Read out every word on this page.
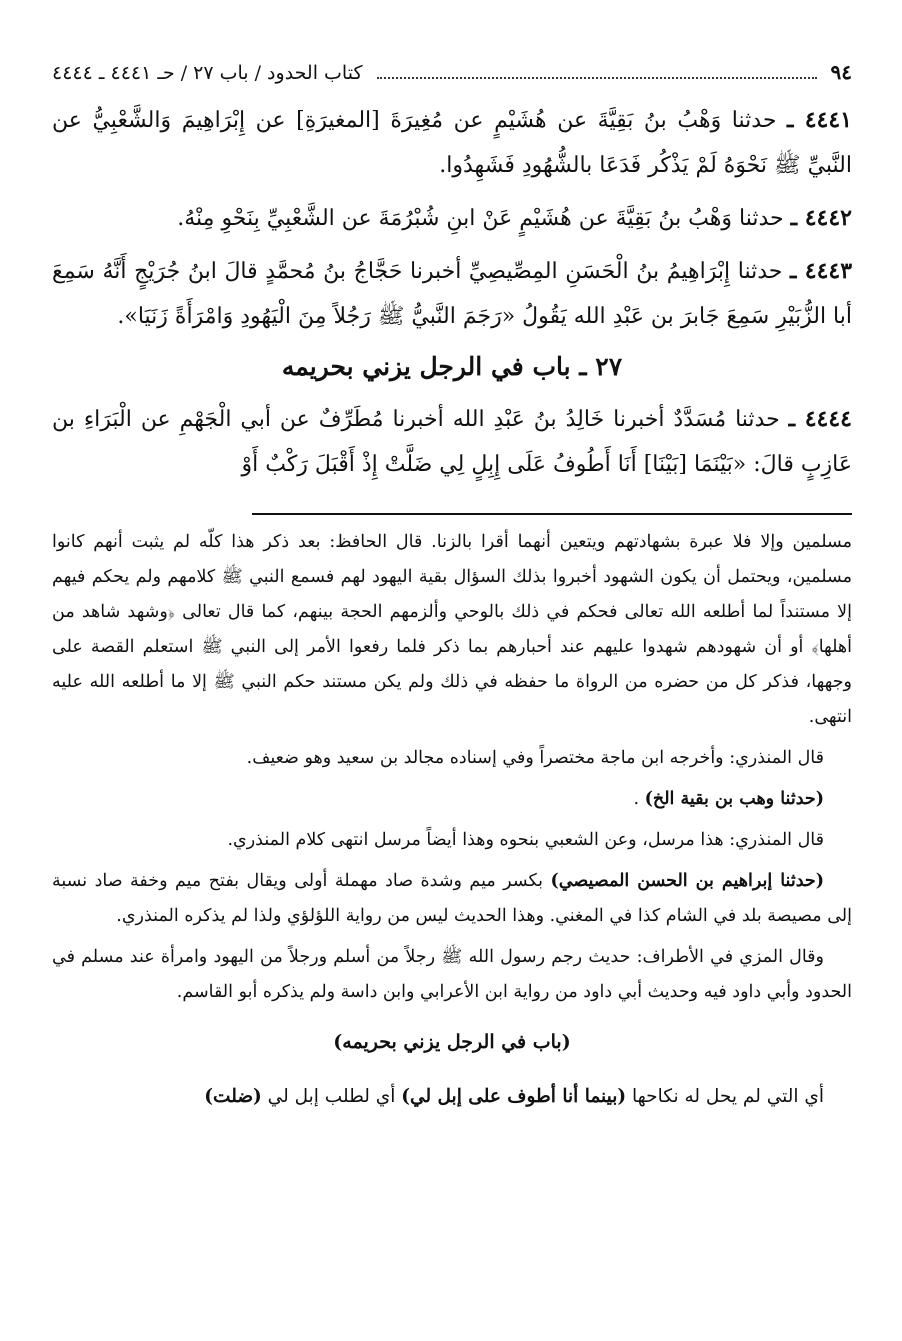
٩٤
كتاب الحدود / باب ٢٧ / حـ ٤٤٤١ ـ ٤٤٤٤

٤٤٤١ ـ حدثنا وَهْبُ بنُ بَقِيَّةَ عن هُشَيْمٍ عن مُغِيرَةَ [المغيرَةِ] عن إِبْرَاهِيمَ وَالشَّعْبِيُّ عن النَّبيِّ ﷺ نَحْوَهُ لَمْ يَذْكُر فَدَعَا بالشُّهُودِ فَشَهِدُوا.

٤٤٤٢ ـ حدثنا وَهْبُ بنُ بَقِيَّةَ عن هُشَيْمٍ عَنْ ابنِ شُبْرُمَةَ عن الشَّعْبِيِّ بِنَحْوِ مِنْهُ.

٤٤٤٣ ـ حدثنا إِبْرَاهِيمُ بنُ الْحَسَنِ المِصِّيصِيِّ أخبرنا حَجَّاجُ بنُ مُحمَّدٍ قالَ ابنُ جُرَيْجٍ أَنَّهُ سَمِعَ أبا الزُّبَيْرِ سَمِعَ جَابرَ بن عَبْدِ الله يَقُولُ «رَجَمَ النَّبيُّ ﷺ رَجُلاً مِنَ الْيَهُودِ وَامْرَأَةً زَنَيَا».

٢٧ ـ باب في الرجل يزني بحريمه

٤٤٤٤ ـ حدثنا مُسَدَّدٌ أخبرنا خَالِدُ بنُ عَبْدِ الله أخبرنا مُطَرِّفٌ عن أبي الْجَهْمِ عن الْبَرَاءِ بن عَازِبٍ قالَ: «بَيْنَمَا [بَيْنَا] أَنَا أَطُوفُ عَلَى إِبِلٍ لِي ضَلَّتْ إِذْ أَقْبَلَ رَكْبٌ أَوْ

مسلمين وإلا فلا عبرة بشهادتهم ويتعين أنهما أقرا بالزنا. قال الحافظ: بعد ذكر هذا كلّه لم يثبت أنهم كانوا مسلمين، ويحتمل أن يكون الشهود أخبروا بذلك السؤال بقية اليهود لهم فسمع النبي ﷺ كلامهم ولم يحكم فيهم إلا مستنداً لما أطلعه الله تعالى فحكم في ذلك بالوحي وألزمهم الحجة بينهم، كما قال تعالى ﴿وشهد شاهد من أهلها﴾ أو أن شهودهم شهدوا عليهم عند أحبارهم بما ذكر فلما رفعوا الأمر إلى النبي ﷺ استعلم القصة على وجهها، فذكر كل من حضره من الرواة ما حفظه في ذلك ولم يكن مستند حكم النبي ﷺ إلا ما أطلعه الله عليه انتهى.

قال المنذري: وأخرجه ابن ماجة مختصراً وفي إسناده مجالد بن سعيد وهو ضعيف.

(حدثنا وهب بن بقية الخ) .

قال المنذري: هذا مرسل، وعن الشعبي بنحوه وهذا أيضاً مرسل انتهى كلام المنذري.

(حدثنا إبراهيم بن الحسن المصيصي) بكسر ميم وشدة صاد مهملة أولى ويقال بفتح ميم وخفة صاد نسبة إلى مصيصة بلد في الشام كذا في المغني. وهذا الحديث ليس من رواية اللؤلؤي ولذا لم يذكره المنذري.

وقال المزي في الأطراف: حديث رجم رسول الله ﷺ رجلاً من أسلم ورجلاً من اليهود وامرأة عند مسلم في الحدود وأبي داود فيه وحديث أبي داود من رواية ابن الأعرابي وابن داسة ولم يذكره أبو القاسم.

(باب في الرجل يزني بحريمه)

أي التي لم يحل له نكاحها (بينما أنا أطوف على إبل لي) أي لطلب إبل لي (ضلت)
